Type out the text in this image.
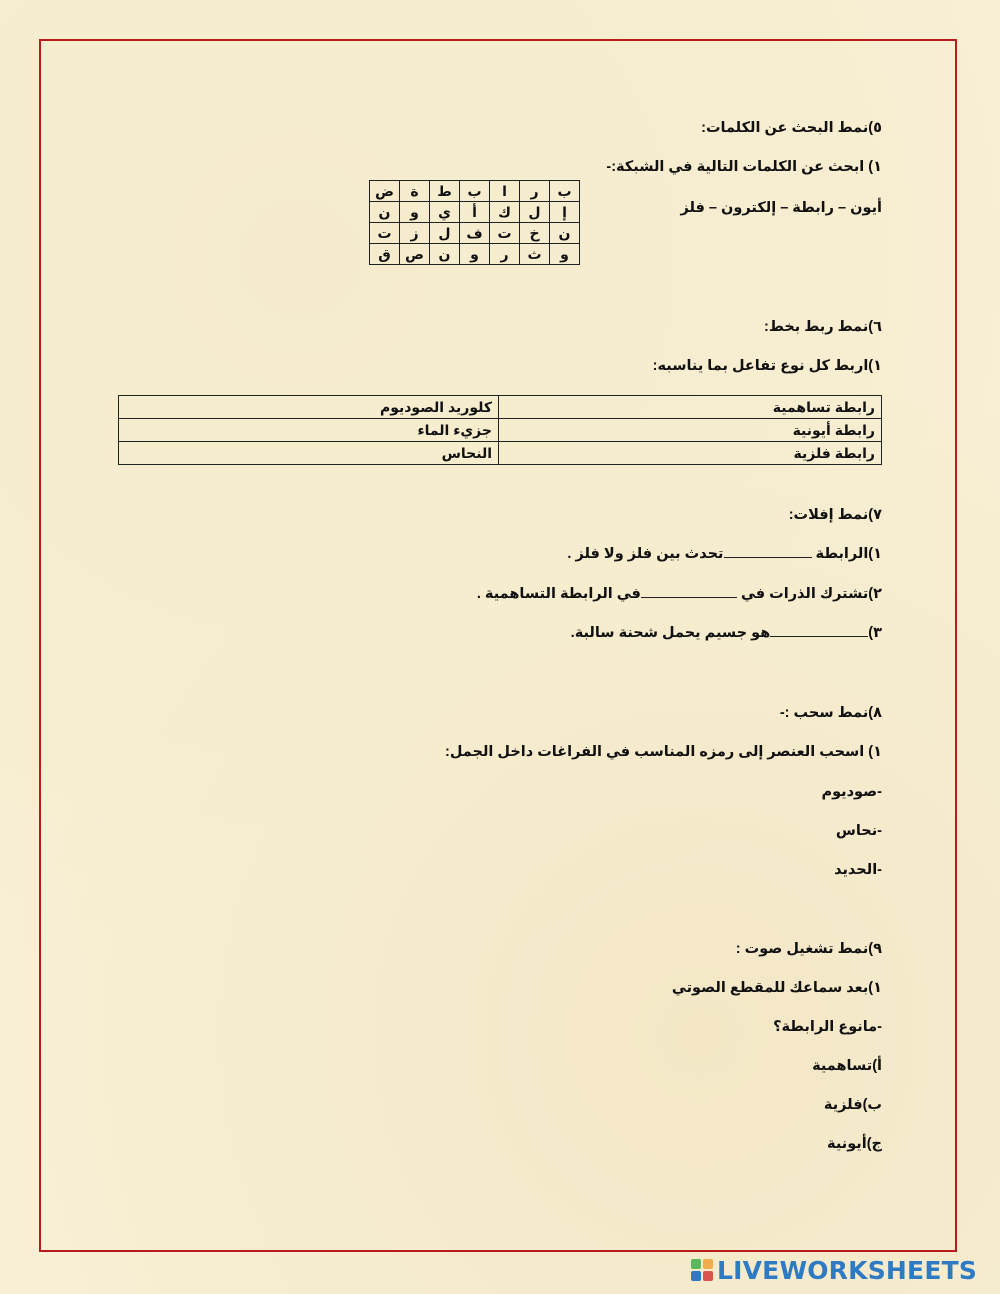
٥)نمط البحث عن الكلمات:
١) ابحث عن الكلمات التالية في الشبكة:-
أيون – رابطة – إلكترون – فلز
ب	ر	ا	ب	ط	ة	ض
إ	ل	ك	أ	ي	و	ن
ن	خ	ت	ف	ل	ز	ت
و	ث	ر	و	ن	ص	ق
٦)نمط ربط بخط:
١)اربط كل نوع تفاعل بما يناسبه:
رابطة تساهمية	كلوريد الصوديوم
رابطة أيونية	جزيء الماء
رابطة فلزية	النحاس
٧)نمط إفلات:
١)الرابطة تحدث بين فلز ولا فلز .
٢)تشترك الذرات في في الرابطة التساهمية .
٣)هو جسيم يحمل شحنة سالبة.
٨)نمط سحب :-
١) اسحب العنصر إلى رمزه المناسب في الفراغات داخل الجمل:
-صوديوم
-نحاس
-الحديد
٩)نمط تشغيل صوت :
١)بعد سماعك للمقطع الصوتي
-مانوع الرابطة؟
أ)تساهمية
ب)فلزية
ج)أيونية
LIVEWORKSHEETS
